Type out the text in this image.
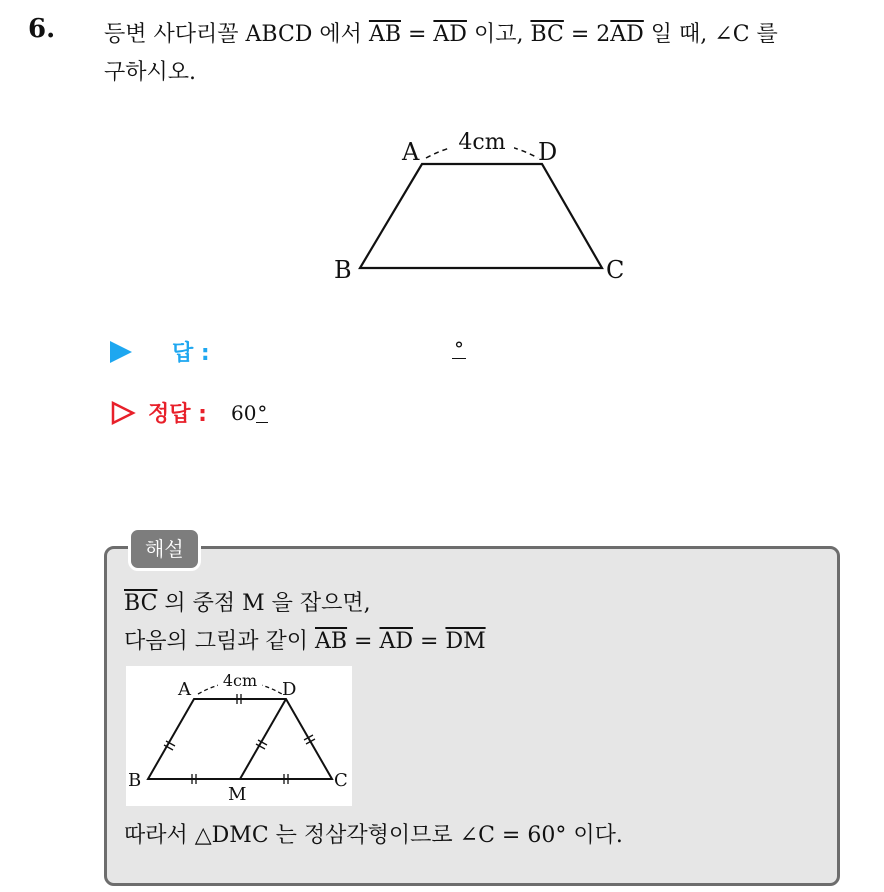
6. 등변 사다리꼴 ABCD 에서 $\overline{AB} = \overline{AD}$ 이고, $\overline{BC} = 2\overline{AD}$ 일 때, ∠C 를
구하시오.
4cm
A	D
B	C
답 :	°
정답 : 60°
해설
$\overline{BC}$ 의 중점 M 을 잡으면,
다음의 그림과 같이 $\overline{AB} = \overline{AD} = \overline{DM}$
4cm
A	D
B	C
M
따라서 △DMC 는 정삼각형이므로 ∠C = 60° 이다.
